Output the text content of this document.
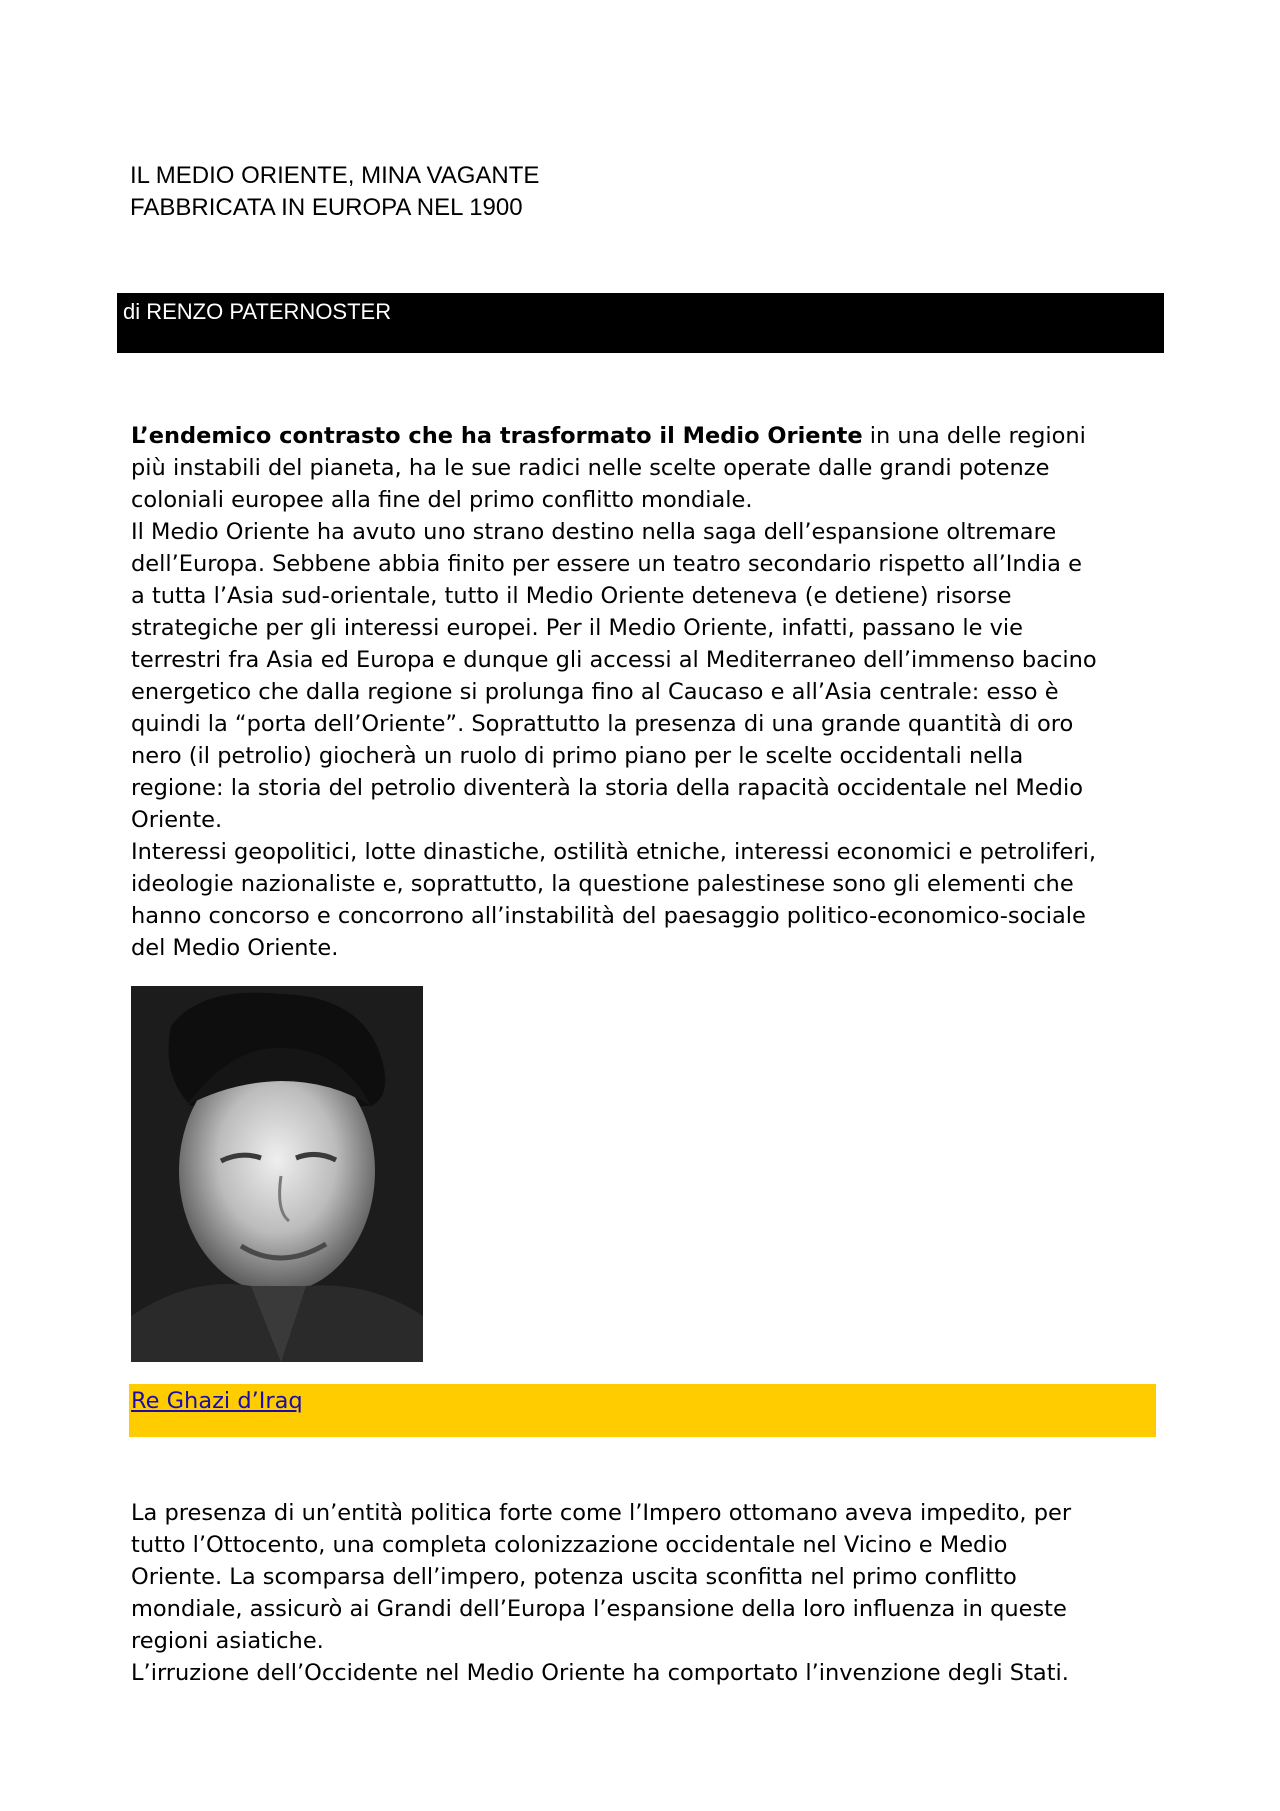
IL MEDIO ORIENTE, MINA VAGANTE
FABBRICATA IN EUROPA NEL 1900
di RENZO PATERNOSTER

L’endemico contrasto che ha trasformato il Medio Oriente in una delle regioni
più instabili del pianeta, ha le sue radici nelle scelte operate dalle grandi potenze
coloniali europee alla fine del primo conflitto mondiale.

Il Medio Oriente ha avuto uno strano destino nella saga dell’espansione oltremare
dell’Europa. Sebbene abbia finito per essere un teatro secondario rispetto all’India e
a tutta l’Asia sud-orientale, tutto il Medio Oriente deteneva (e detiene) risorse
strategiche per gli interessi europei. Per il Medio Oriente, infatti, passano le vie
terrestri fra Asia ed Europa e dunque gli accessi al Mediterraneo dell’immenso bacino
energetico che dalla regione si prolunga fino al Caucaso e all’Asia centrale: esso è
quindi la “porta dell’Oriente”. Soprattutto la presenza di una grande quantità di oro
nero (il petrolio) giocherà un ruolo di primo piano per le scelte occidentali nella
regione: la storia del petrolio diventerà la storia della rapacità occidentale nel Medio
Oriente.

Interessi geopolitici, lotte dinastiche, ostilità etniche, interessi economici e petroliferi,
ideologie nazionaliste e, soprattutto, la questione palestinese sono gli elementi che
hanno concorso e concorrono all’instabilità del paesaggio politico-economico-sociale
del Medio Oriente.

Re Ghazi d’Iraq

La presenza di un’entità politica forte come l’Impero ottomano aveva impedito, per
tutto l’Ottocento, una completa colonizzazione occidentale nel Vicino e Medio
Oriente. La scomparsa dell’impero, potenza uscita sconfitta nel primo conflitto
mondiale, assicurò ai Grandi dell’Europa l’espansione della loro influenza in queste
regioni asiatiche.

L’irruzione dell’Occidente nel Medio Oriente ha comportato l’invenzione degli Stati.
